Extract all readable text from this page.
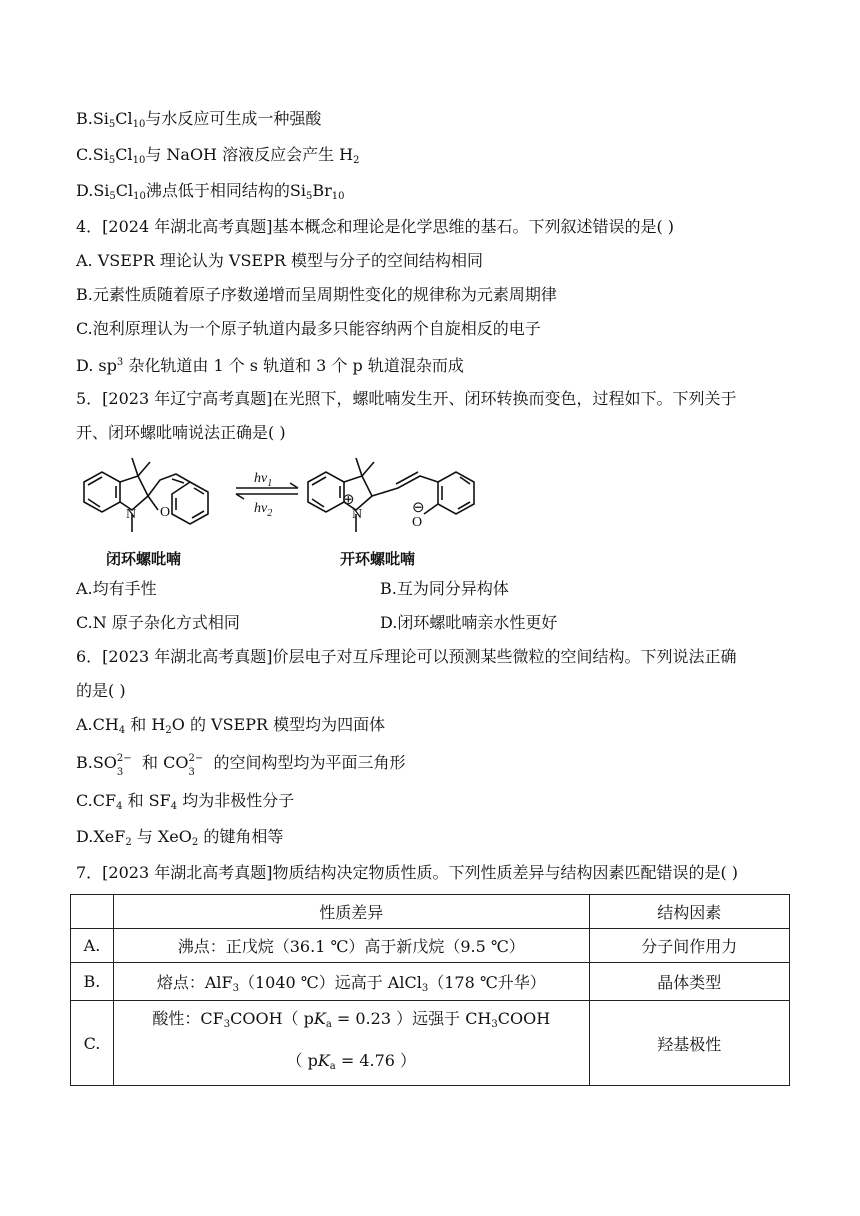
$B.Si_5Cl_{10}$与水反应可生成一种强酸
$C.Si_5Cl_{10}$与 NaOH 溶液反应会产生 $H_2$
$D.Si_5Cl_{10}$沸点低于相同结构的$Si_5Br_{10}$
4．[2024 年湖北高考真题]基本概念和理论是化学思维的基石。下列叙述错误的是( )
A. VSEPR 理论认为 VSEPR 模型与分子的空间结构相同
B.元素性质随着原子序数递增而呈周期性变化的规律称为元素周期律
C.泡利原理认为一个原子轨道内最多只能容纳两个自旋相反的电子
D. $sp^3$ 杂化轨道由 1 个 s 轨道和 3 个 p 轨道混杂而成
5．[2023 年辽宁高考真题]在光照下，螺吡喃发生开、闭环转换而变色，过程如下。下列关于
开、闭环螺吡喃说法正确是( )
N O	N
⊕
O
⊖
$h\nu_1$
$h\nu_2$
闭环螺吡喃	开环螺吡喃
A.均有手性	B.互为同分异构体
C.N 原子杂化方式相同	D.闭环螺吡喃亲水性更好
6．[2023 年湖北高考真题]价层电子对互斥理论可以预测某些微粒的空间结构。下列说法正确
的是( )
$A.CH_4$ 和 $H_2O$ 的 VSEPR 模型均为四面体
B.SO 2−
3
和 CO 2−
3
的空间构型均为平面三角形
$C.CF_4$ 和 $SF_4$ 均为非极性分子
D.XeF$_2$ 与 XeO$_2$ 的键角相等
7．[2023 年湖北高考真题]物质结构决定物质性质。下列性质差异与结构因素匹配错误的是( )
	性质差异	结构因素
A.	沸点：正戊烷（36.1 ℃）高于新戊烷（9.5 ℃）	分子间作用力
B.	熔点：AlF$_3$（1040 ℃）远高于 AlCl$_3$（178 ℃升华）	晶体类型
C.	酸性：$CF_3COOH$（ $pK_a = 0.23$ ）远强于 $CH_3COOH$
（ $pK_a = 4.76$ ）	羟基极性
